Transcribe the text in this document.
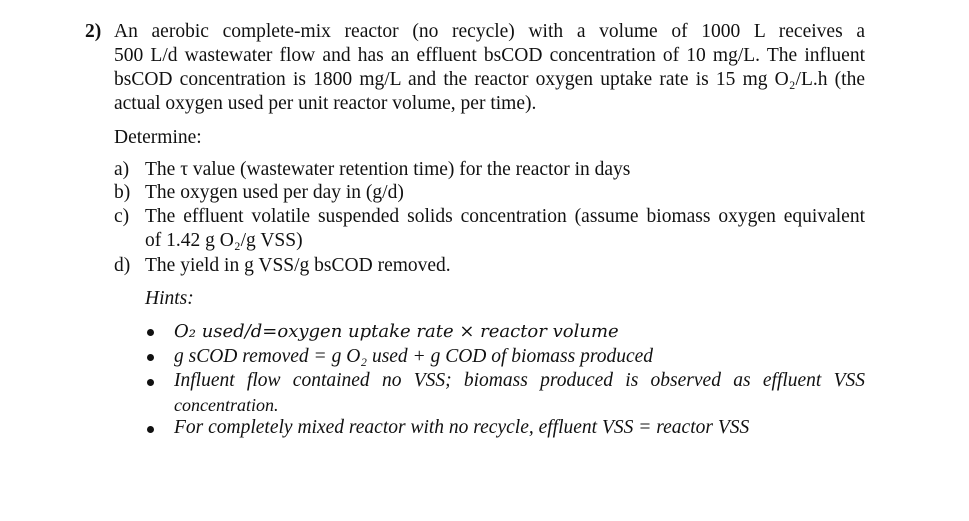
2) An aerobic complete-mix reactor (no recycle) with a volume of 1000 L receives a
500 L/d wastewater flow and has an effluent bsCOD concentration of 10 mg/L. The influent
bsCOD concentration is 1800 mg/L and the reactor oxygen uptake rate is 15 mg O₂/L.h (the
actual oxygen used per unit reactor volume, per time).
Determine:
a) The τ value (wastewater retention time) for the reactor in days
b) The oxygen used per day in (g/d)
c) The effluent volatile suspended solids concentration (assume biomass oxygen equivalent
of 1.42 g O₂/g VSS)
d) The yield in g VSS/g bsCOD removed.
Hints:
O₂ used/d=oxygen uptake rate × reactor volume
g sCOD removed = g O₂ used + g COD of biomass produced
Influent flow contained no VSS; biomass produced is observed as effluent VSS
concentration.
For completely mixed reactor with no recycle, effluent VSS = reactor VSS
